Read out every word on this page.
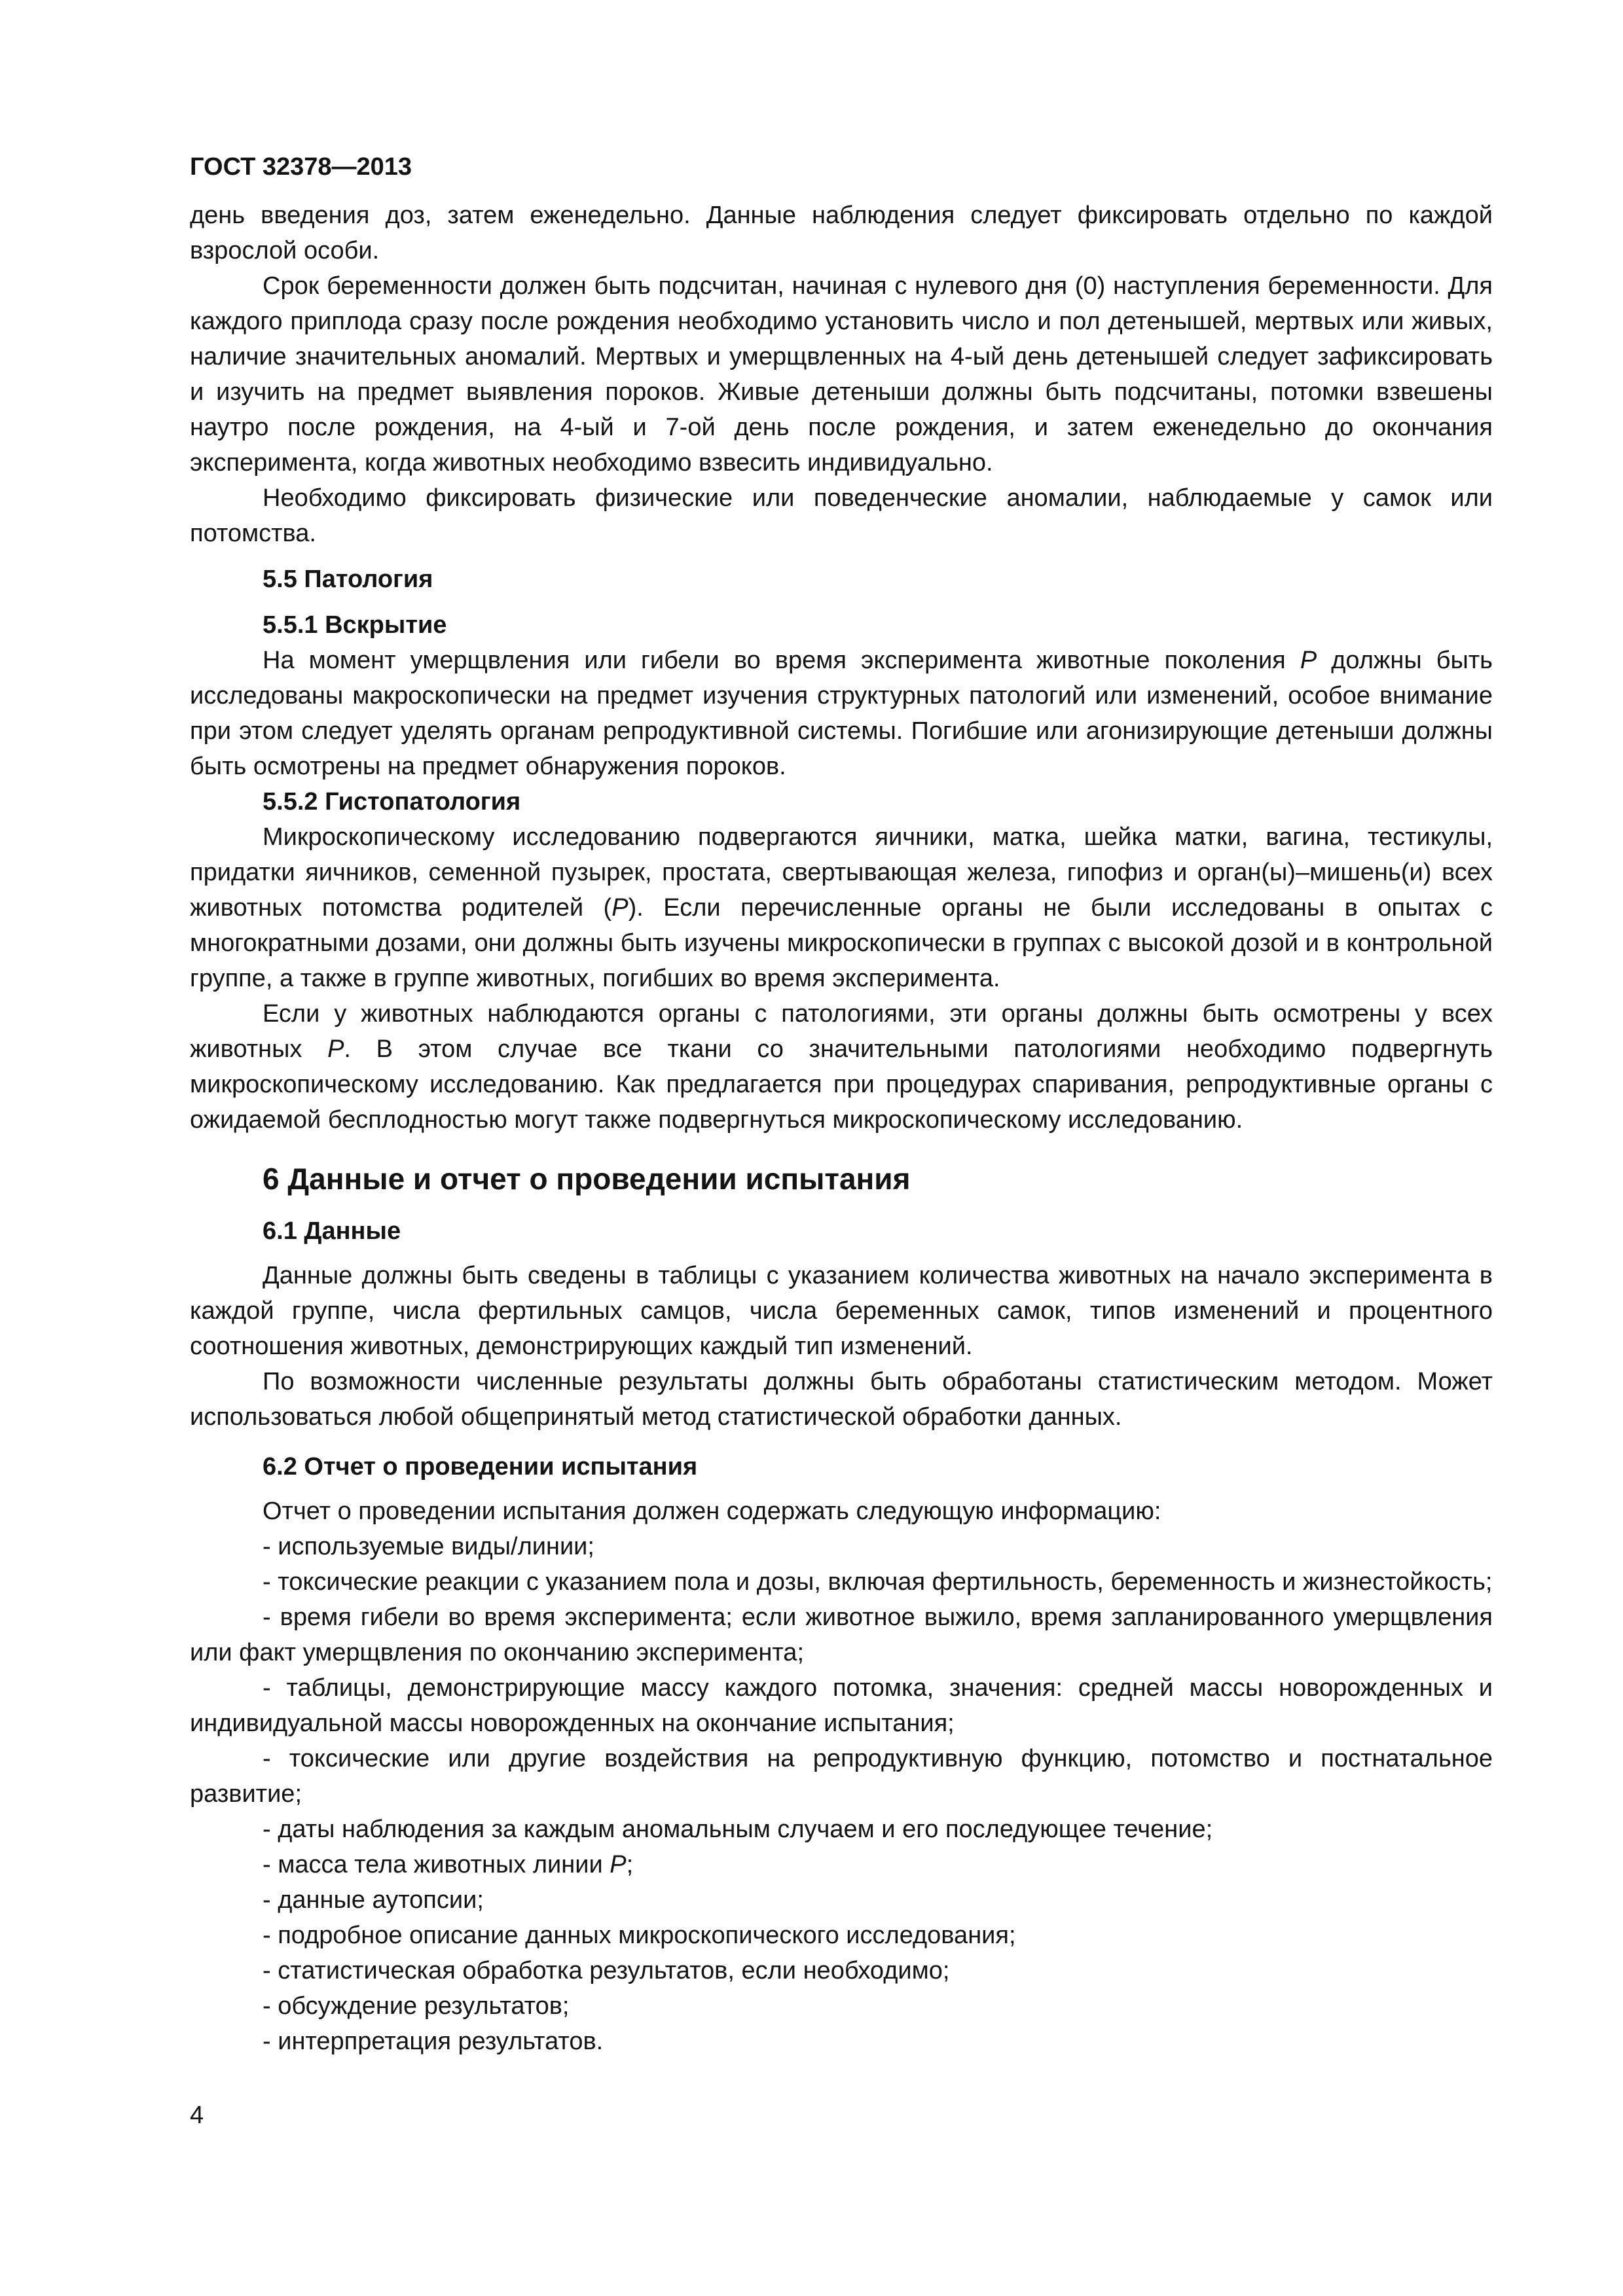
ГОСТ 32378—2013

день введения доз, затем еженедельно. Данные наблюдения следует фиксировать отдельно по каждой взрослой особи.

Срок беременности должен быть подсчитан, начиная с нулевого дня (0) наступления беременности. Для каждого приплода сразу после рождения необходимо установить число и пол детенышей, мертвых или живых, наличие значительных аномалий. Мертвых и умерщвленных на 4-ый день детенышей следует зафиксировать и изучить на предмет выявления пороков. Живые детеныши должны быть подсчитаны, потомки взвешены наутро после рождения, на 4-ый и 7-ой день после рождения, и затем еженедельно до окончания эксперимента, когда животных необходимо взвесить индивидуально.

Необходимо фиксировать физические или поведенческие аномалии, наблюдаемые у самок или потомства.

5.5 Патология

5.5.1 Вскрытие

На момент умерщвления или гибели во время эксперимента животные поколения P должны быть исследованы макроскопически на предмет изучения структурных патологий или изменений, особое внимание при этом следует уделять органам репродуктивной системы. Погибшие или агонизирующие детеныши должны быть осмотрены на предмет обнаружения пороков.

5.5.2 Гистопатология

Микроскопическому исследованию подвергаются яичники, матка, шейка матки, вагина, тестикулы, придатки яичников, семенной пузырек, простата, свертывающая железа, гипофиз и орган(ы)–мишень(и) всех животных потомства родителей (P). Если перечисленные органы не были исследованы в опытах с многократными дозами, они должны быть изучены микроскопически в группах с высокой дозой и в контрольной группе, а также в группе животных, погибших во время эксперимента.

Если у животных наблюдаются органы с патологиями, эти органы должны быть осмотрены у всех животных P. В этом случае все ткани со значительными патологиями необходимо подвергнуть микроскопическому исследованию. Как предлагается при процедурах спаривания, репродуктивные органы с ожидаемой бесплодностью могут также подвергнуться микроскопическому исследованию.

6 Данные и отчет о проведении испытания

6.1 Данные

Данные должны быть сведены в таблицы с указанием количества животных на начало эксперимента в каждой группе, числа фертильных самцов, числа беременных самок, типов изменений и процентного соотношения животных, демонстрирующих каждый тип изменений.

По возможности численные результаты должны быть обработаны статистическим методом. Может использоваться любой общепринятый метод статистической обработки данных.

6.2 Отчет о проведении испытания

Отчет о проведении испытания должен содержать следующую информацию:

- используемые виды/линии;
- токсические реакции с указанием пола и дозы, включая фертильность, беременность и жизнестойкость;
- время гибели во время эксперимента; если животное выжило, время запланированного умерщвления или факт умерщвления по окончанию эксперимента;
- таблицы, демонстрирующие массу каждого потомка, значения: средней массы новорожденных и индивидуальной массы новорожденных на окончание испытания;
- токсические или другие воздействия на репродуктивную функцию, потомство и постнатальное развитие;
- даты наблюдения за каждым аномальным случаем и его последующее течение;
- масса тела животных линии P;
- данные аутопсии;
- подробное описание данных микроскопического исследования;
- статистическая обработка результатов, если необходимо;
- обсуждение результатов;
- интерпретация результатов.
4
